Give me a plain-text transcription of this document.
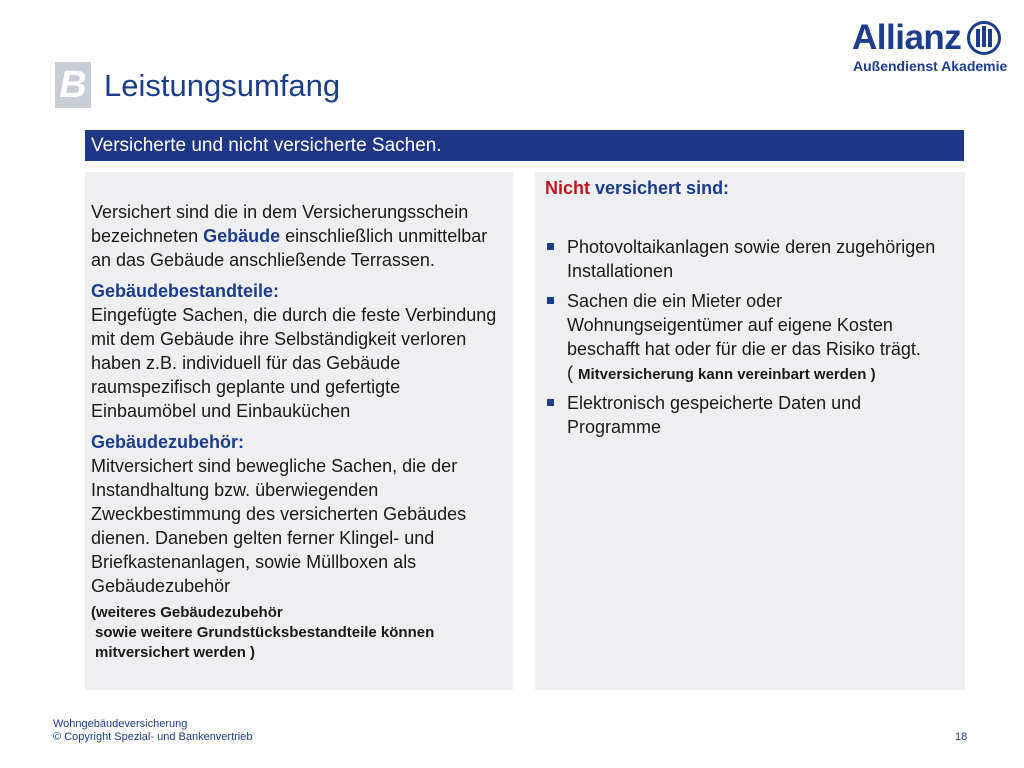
B Leistungsumfang
Allianz
Außendienst Akademie
Versicherte und nicht versicherte Sachen.

Versichert sind die in dem Versicherungsschein bezeichneten Gebäude einschließlich unmittelbar an das Gebäude anschließende Terrassen.

Gebäudebestandteile:

Eingefügte Sachen, die durch die feste Verbindung mit dem Gebäude ihre Selbständigkeit verloren haben z.B. individuell für das Gebäude raumspezifisch geplante und gefertigte Einbaumöbel und Einbauküchen

Gebäudezubehör:

Mitversichert sind bewegliche Sachen, die der Instandhaltung bzw. überwiegenden Zweckbestimmung des versicherten Gebäudes dienen. Daneben gelten ferner Klingel- und Briefkastenanlagen, sowie Müllboxen als Gebäudezubehör

(weiteres Gebäudezubehör

sowie weitere Grundstücksbestandteile können

mitversichert werden )

Nicht versichert sind:

Photovoltaikanlagen sowie deren zugehörigen Installationen
Sachen die ein Mieter oder Wohnungseigentümer auf eigene Kosten beschafft hat oder für die er das Risiko trägt.
( Mitversicherung kann vereinbart werden )
Elektronisch gespeicherte Daten und Programme
Wohngebäudeversicherung
© Copyright Spezial- und Bankenvertrieb	18
